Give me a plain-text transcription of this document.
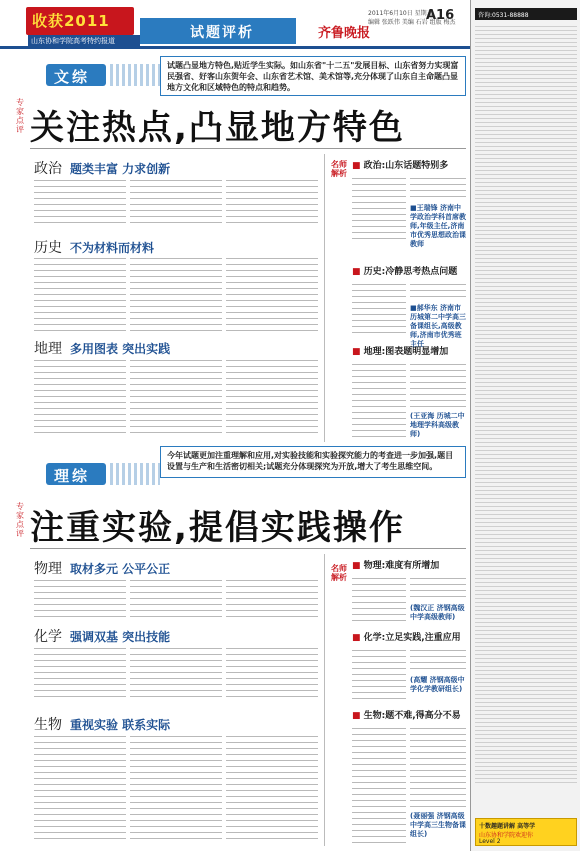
收获2011
山东协和学院高考特约报道	试题评析	齐鲁晚报
2011年6月10日 星期五
编辑 张跃伟 美编 石岩 组版 梅杰
A16	咨询:0531-88888
十数趣题讲解 高等学
山东协和学院欢迎你
Level 2
文综
试题凸显地方特色,贴近学生实际。如山东省"十二五"发展目标、山东省努力实现富民强省、好客山东贺年会、山东省艺术馆、美术馆等,充分体现了山东自主命题凸显地方文化和区域特色的特点和趋势。
专家点评 关注热点,凸显地方特色
政治 题类丰富 力求创新
历史 不为材料而材料
地理 多用图表 突出实践
名师解析
■ 政治:山东话题特别多
■王瑞锋 济南中学政治学科首席教师,年级主任,济南市优秀思想政治课教师
■ 历史:冷静思考热点问题
■郝华东 济南市历城第二中学高三备课组长,高级教师,济南市优秀班主任
■ 地理:图表题明显增加
(王亚海 历城二中地理学科高级教师)
今年试题更加注重理解和应用,对实验技能和实验探究能力的考查进一步加强,题目设置与生产和生活密切相关;试题充分体现探究为开放,增大了考生思维空间。
理综
专家点评 注重实验,提倡实践操作
物理 取材多元 公平公正
化学 强调双基 突出技能
生物 重视实验 联系实际
名师解析
■ 物理:难度有所增加
(魏汉正 济钢高级中学高级教师)
■ 化学:立足实践,注重应用
(高耀 济钢高级中学化学教研组长)
■ 生物:题不难,得高分不易
(聂丽强 济钢高级中学高三生物备课组长)
